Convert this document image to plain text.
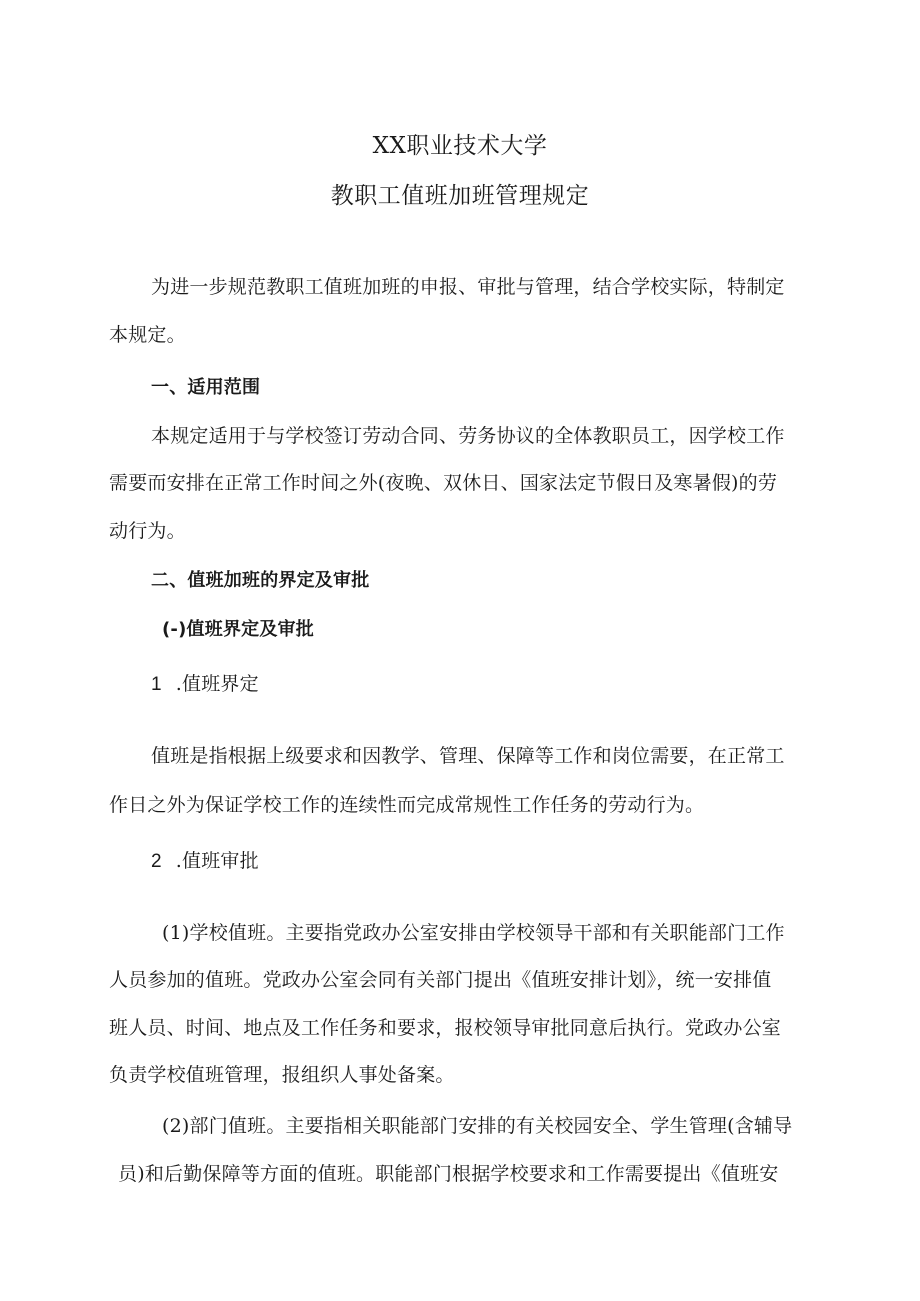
XX职业技术大学
教职工值班加班管理规定
为进一步规范教职工值班加班的申报、审批与管理，结合学校实际，特制定
本规定。
一、适用范围
本规定适用于与学校签订劳动合同、劳务协议的全体教职员工，因学校工作
需要而安排在正常工作时间之外(夜晚、双休日、国家法定节假日及寒暑假)的劳
动行为。
二、值班加班的界定及审批
(-)值班界定及审批
1 .值班界定
值班是指根据上级要求和因教学、管理、保障等工作和岗位需要，在正常工
作日之外为保证学校工作的连续性而完成常规性工作任务的劳动行为。
2 .值班审批
(1)学校值班。主要指党政办公室安排由学校领导干部和有关职能部门工作
人员参加的值班。党政办公室会同有关部门提出《值班安排计划》，统一安排值
班人员、时间、地点及工作任务和要求，报校领导审批同意后执行。党政办公室
负责学校值班管理，报组织人事处备案。
(2)部门值班。主要指相关职能部门安排的有关校园安全、学生管理(含辅导
员)和后勤保障等方面的值班。职能部门根据学校要求和工作需要提出《值班安
